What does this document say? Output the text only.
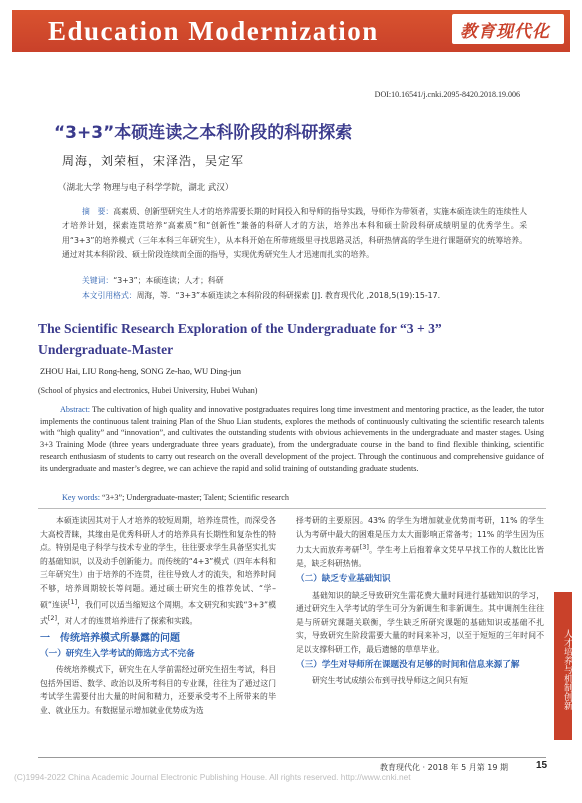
Education Modernization	教育现代化
DOI:10.16541/j.cnki.2095-8420.2018.19.006
“3+3”本硕连读之本科阶段的科研探索
周海，刘荣桓，宋泽浩，吴定军
（湖北大学 物理与电子科学学院，湖北 武汉）
摘　要：高素质、创新型研究生人才的培养需要长期的时间投入和导师的指导实践，导师作为带领者，实施本硕连读生的连续性人才培养计划，探索连贯培养“高素质”和“创新性”兼备的科研人才的方法，培养出本科和硕士阶段科研成绩明显的优秀学生。采用“3+3”的培养模式（三年本科三年研究生），从本科开始在所带班级里寻找思路灵活，科研热情高的学生进行课题研究的统筹培养。通过对其本科阶段、硕士阶段连续而全面的指导，实现优秀研究生人才迅速而扎实的培养。
关键词：“3+3”；本硕连读；人才；科研
本文引用格式：周海，等．“3+3”本硕连读之本科阶段的科研探索 [J]. 教育现代化 ,2018,5(19):15-17.
The Scientific Research Exploration of the Undergraduate for “3 + 3” Undergraduate-Master
ZHOU Hai, LIU Rong-heng, SONG Ze-hao, WU Ding-jun
(School of physics and electronics, Hubei University, Hubei Wuhan)
Abstract: The cultivation of high quality and innovative postgraduates requires long time investment and mentoring practice, as the leader, the tutor implements the continuous talent training Plan of the Shuo Lian students, explores the methods of continuously cultivating the scientific research talents with “high quality” and “innovation”, and cultivates the outstanding students with obvious achievements in the undergraduate and master stages. Using 3+3 Training Mode (three years undergraduate three years graduate), from the undergraduate course in the band to find flexible thinking, scientific research enthusiasm of students to carry out research on the overall development of the project. Through the continuous and comprehensive guidance of its undergraduate and master’s degree, we can achieve the rapid and solid training of outstanding graduate students.
Key words: “3+3”; Undergraduate-master; Talent; Scientific research

本硕连读因其对于人才培养的较短周期，培养连贯性，而深受各大高校青睐，其缘由是优秀科研人才的培养具有长期性和复杂性的特点。特别是电子科学与技术专业的学生，往往要求学生具备坚实扎实的基础知识，以及动手创新能力。而传统的“4+3”模式（四年本科和三年研究生）由于培养的不连贯，往往导致人才的流失，和培养时间不够，培养周期较长等问题。通过硕士研究生的推荐免试、“学–硕”连读[1]，我们可以适当缩短这个周期。本文研究和实践“3+3”模式[2]，对人才的连贯培养进行了探索和实践。

一　传统培养模式所暴露的问题

（一）研究生入学考试的筛选方式不完备

传统培养模式下，研究生在人学前需经过研究生招生考试，科目包括外国语、数学、政治以及所考科目的专业课，往往为了通过这门考试学生需要付出大量的时间和精力，还要承受考不上所带来的毕业、就业压力。有数据显示增加就业优势成为选

择考研的主要原因。43% 的学生为增加就业优势而考研，11% 的学生认为考研中最大的困难是压力太大面影响正常备考；11% 的学生因为压力太大而放弃考研[3]。学生考上后抱着拿文凭早早找工作的人数比比皆是，缺乏科研热情。

（二）缺乏专业基础知识

基础知识的缺乏导致研究生需花费大量时间进行基础知识的学习，通过研究生入学考试的学生可分为新调生和非新调生。其中调剂生往往是与所研究课题关联衡，学生缺乏所研究课题的基础知识或基础不扎实，导致研究生阶段需要大量的时间来补习，以至于短短的三年时间不足以支撑科研工作，最后遗憾的草草毕业。

（三）学生对导师所在课题没有足够的时间和信息来源了解

研究生考试成绩公布到寻找导师这之间只有短	人才培养与机制创新
教育现代化 · 2018 年 5 月第 19 期	15
(C)1994-2022 China Academic Journal Electronic Publishing House. All rights reserved. http://www.cnki.net
